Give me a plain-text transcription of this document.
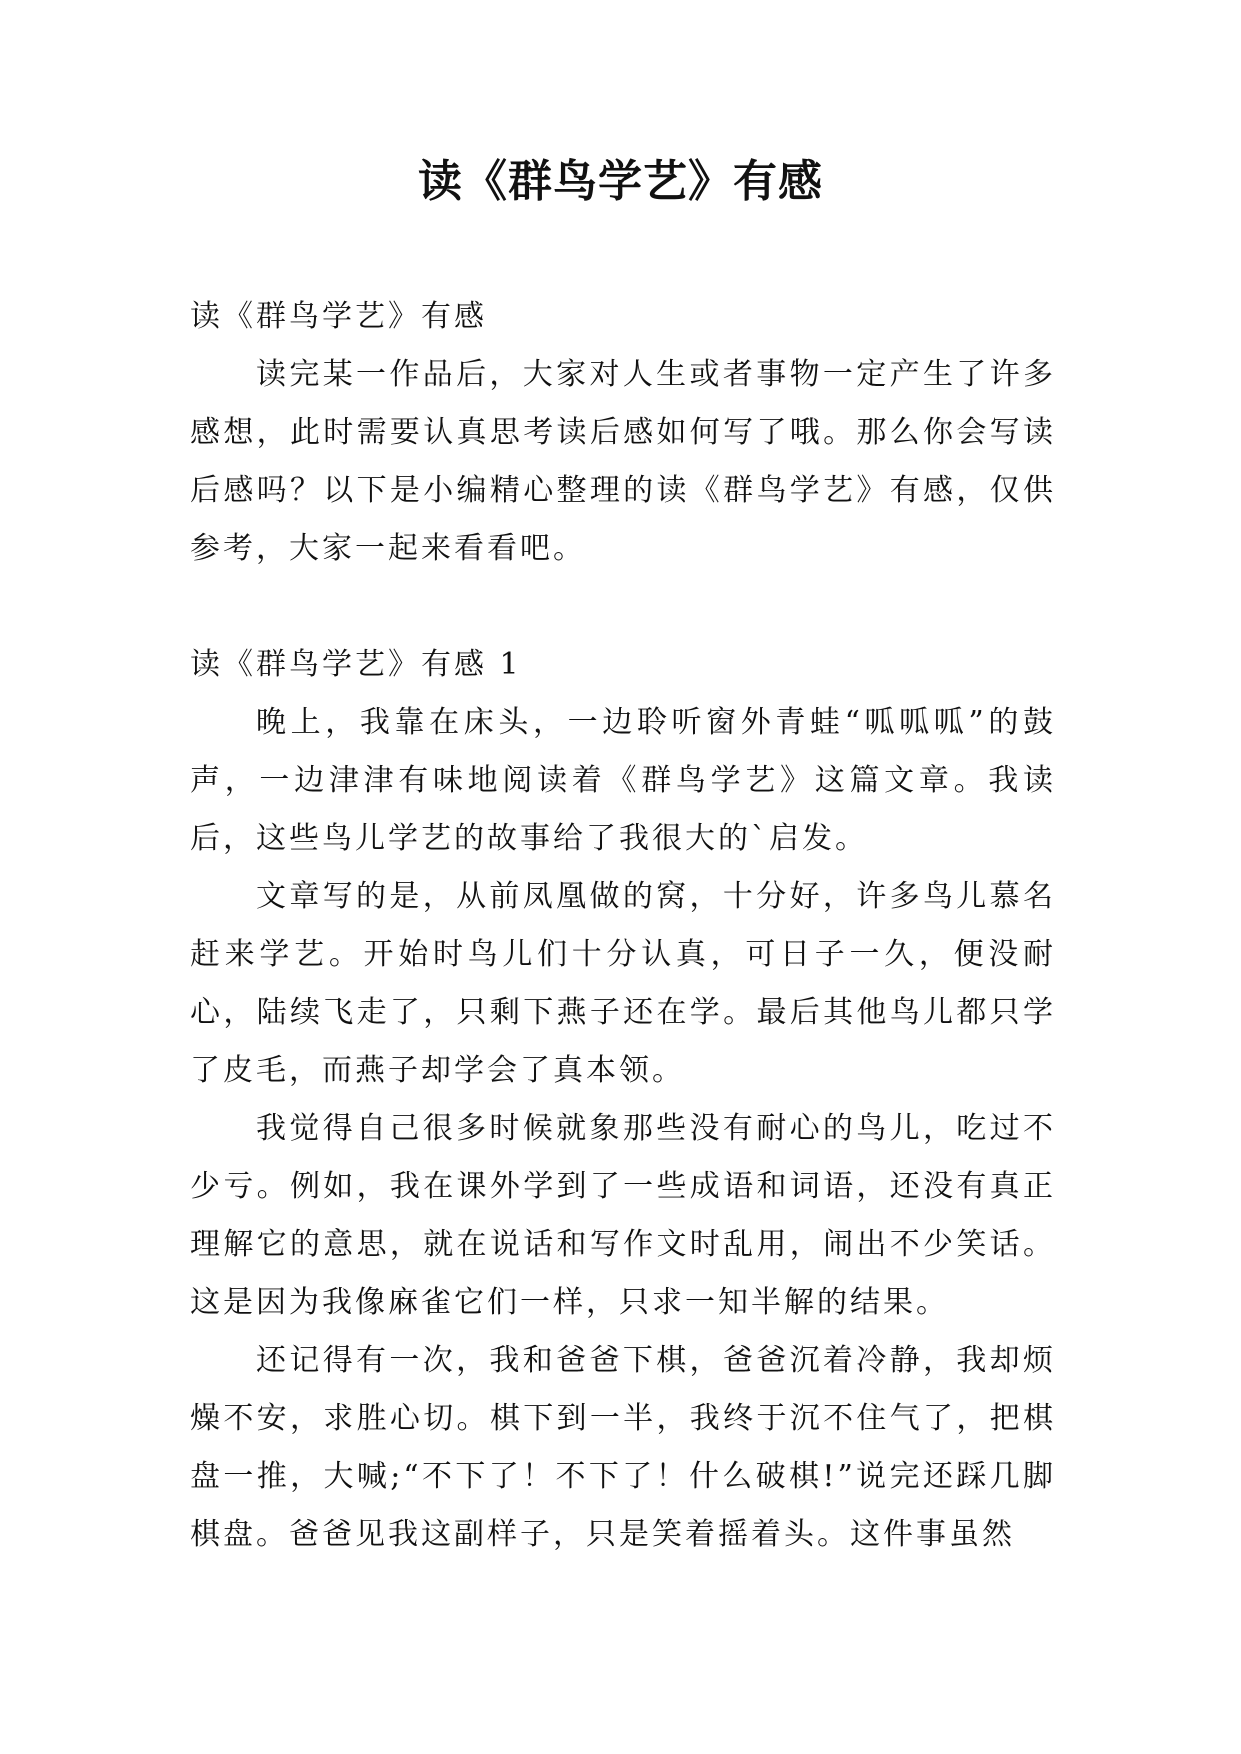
读《群鸟学艺》有感

读《群鸟学艺》有感

读完某一作品后，大家对人生或者事物一定产生了许多感想，此时需要认真思考读后感如何写了哦。那么你会写读后感吗？以下是小编精心整理的读《群鸟学艺》有感，仅供参考，大家一起来看看吧。

读《群鸟学艺》有感 1

晚上，我靠在床头，一边聆听窗外青蛙“呱呱呱”的鼓声，一边津津有味地阅读着《群鸟学艺》这篇文章。我读后，这些鸟儿学艺的故事给了我很大的`启发。

文章写的是，从前凤凰做的窝，十分好，许多鸟儿慕名赶来学艺。开始时鸟儿们十分认真，可日子一久，便没耐心，陆续飞走了，只剩下燕子还在学。最后其他鸟儿都只学了皮毛，而燕子却学会了真本领。

我觉得自己很多时候就象那些没有耐心的鸟儿，吃过不少亏。例如，我在课外学到了一些成语和词语，还没有真正理解它的意思，就在说话和写作文时乱用，闹出不少笑话。这是因为我像麻雀它们一样，只求一知半解的结果。

还记得有一次，我和爸爸下棋，爸爸沉着冷静，我却烦燥不安，求胜心切。棋下到一半，我终于沉不住气了，把棋盘一推，大喊;“不下了！不下了！什么破棋!”说完还踩几脚棋盘。爸爸见我这副样子，只是笑着摇着头。这件事虽然
